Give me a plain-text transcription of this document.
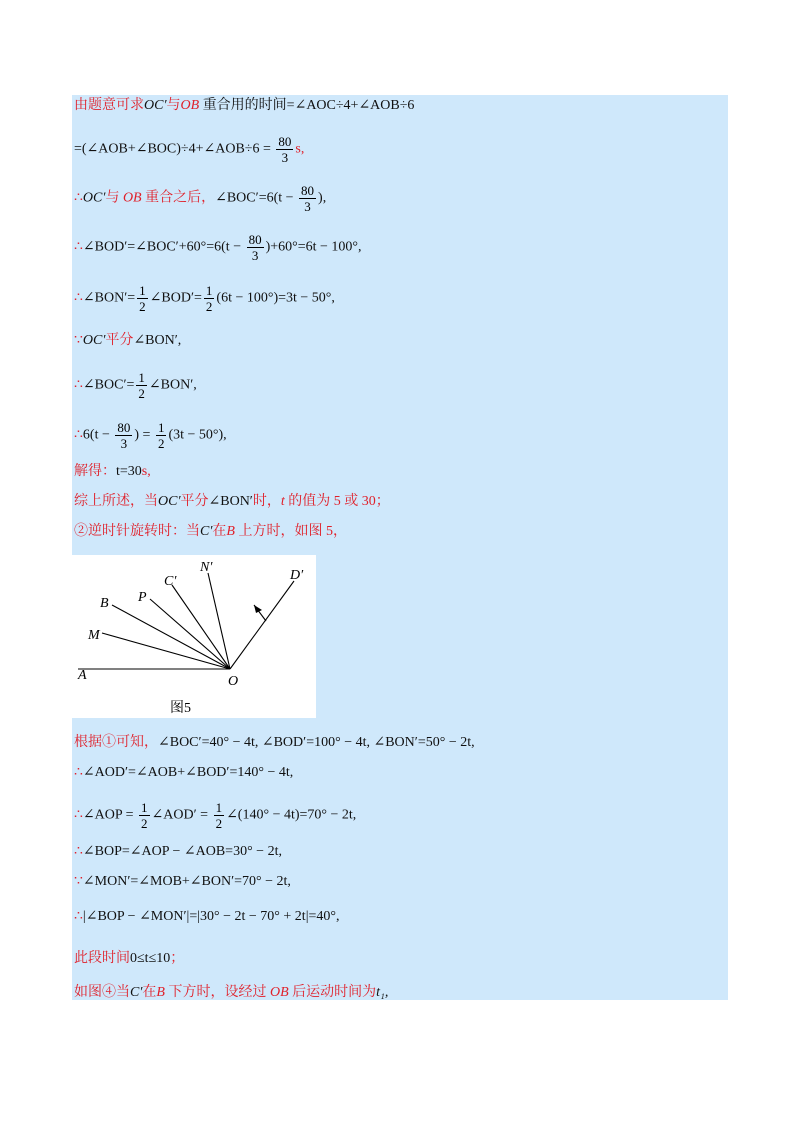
由题意可求OC′与OB 重合用的时间=∠AOC÷4+∠AOB÷6
=(∠AOB+∠BOC)÷4+∠AOB÷6 = $\frac{80}{3} s$,
∴OC′与 OB 重合之后，∠BOC′=6(t − $\frac{80}{3}$ ),
∴∠BOD′=∠BOC′+60°=6(t − $\frac{80}{3} )+60^\circ=6t - 100^\circ$,
∴∠BON′= $\frac{1}{2}$ ∠BOD′= $\frac{1}{2} (6t - 100^\circ)=3t - 50^\circ$,
∵OC′平分∠BON′,
∴∠BOC′= $\frac{1}{2}$ ∠BON′,
∴6(t − $\frac{80}{3}$ ) = $\frac{1}{2} (3t - 50^\circ)$,
解得：t=30s,
综上所述，当OC′平分∠BON′时，t 的值为 5 或 30；
②逆时针旋转时：当C′在B 上方时，如图 5，
根据①可知，∠BOC′=40° − 4t, ∠BOD′=100° − 4t, ∠BON′=50° − 2t,
∴∠AOD′=∠AOB+∠BOD′=140° − 4t,
∴∠AOP = $\frac{1}{2}$ ∠AOD′ = $\frac{1}{2}$ ∠(140° − 4t)=70° − 2t,
∴∠BOP=∠AOP − ∠AOB=30° − 2t,
∵∠MON′=∠MOB+∠BON′=70° − 2t,
∴|∠BOP − ∠MON′|=|30° − 2t − 70° + 2t|=40°,
此段时间0≤t≤10；
如图④当C′在B 下方时，设经过 OB 后运动时间为t₁,
A
M
B P
C′
N′
D′
O
图5
